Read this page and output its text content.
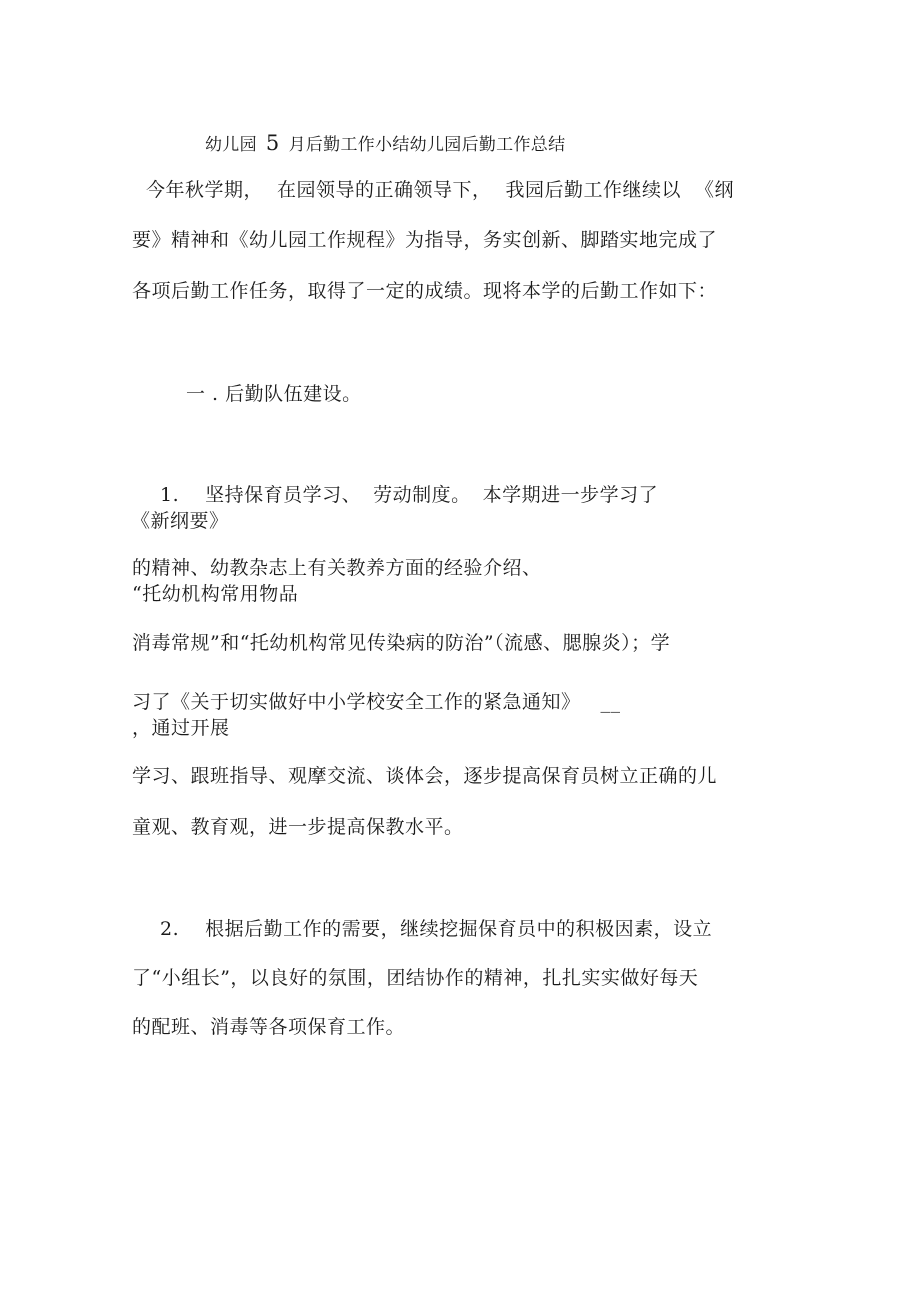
幼儿园 5 月后勤工作小结幼儿园后勤工作总结
今年秋学期， 在园领导的正确领导下， 我园后勤工作继续以 《纲
要》精神和《幼儿园工作规程》为指导，务实创新、脚踏实地完成了
各项后勤工作任务，取得了一定的成绩。现将本学的后勤工作如下：
一 . 后勤队伍建设。
1. 坚持保育员学习、 劳动制度。 本学期进一步学习了
《新纲要》
的精神、幼教杂志上有关教养方面的经验介绍、
“托幼机构常用物品
消毒常规”和“托幼机构常见传染病的防治”（流感、腮腺炎）；学
习了《关于切实做好中小学校安全工作的紧急通知》 __
，通过开展
学习、跟班指导、观摩交流、谈体会，逐步提高保育员树立正确的儿
童观、教育观，进一步提高保教水平。
2. 根据后勤工作的需要，继续挖掘保育员中的积极因素，设立
了“小组长”，以良好的氛围，团结协作的精神，扎扎实实做好每天
的配班、消毒等各项保育工作。
